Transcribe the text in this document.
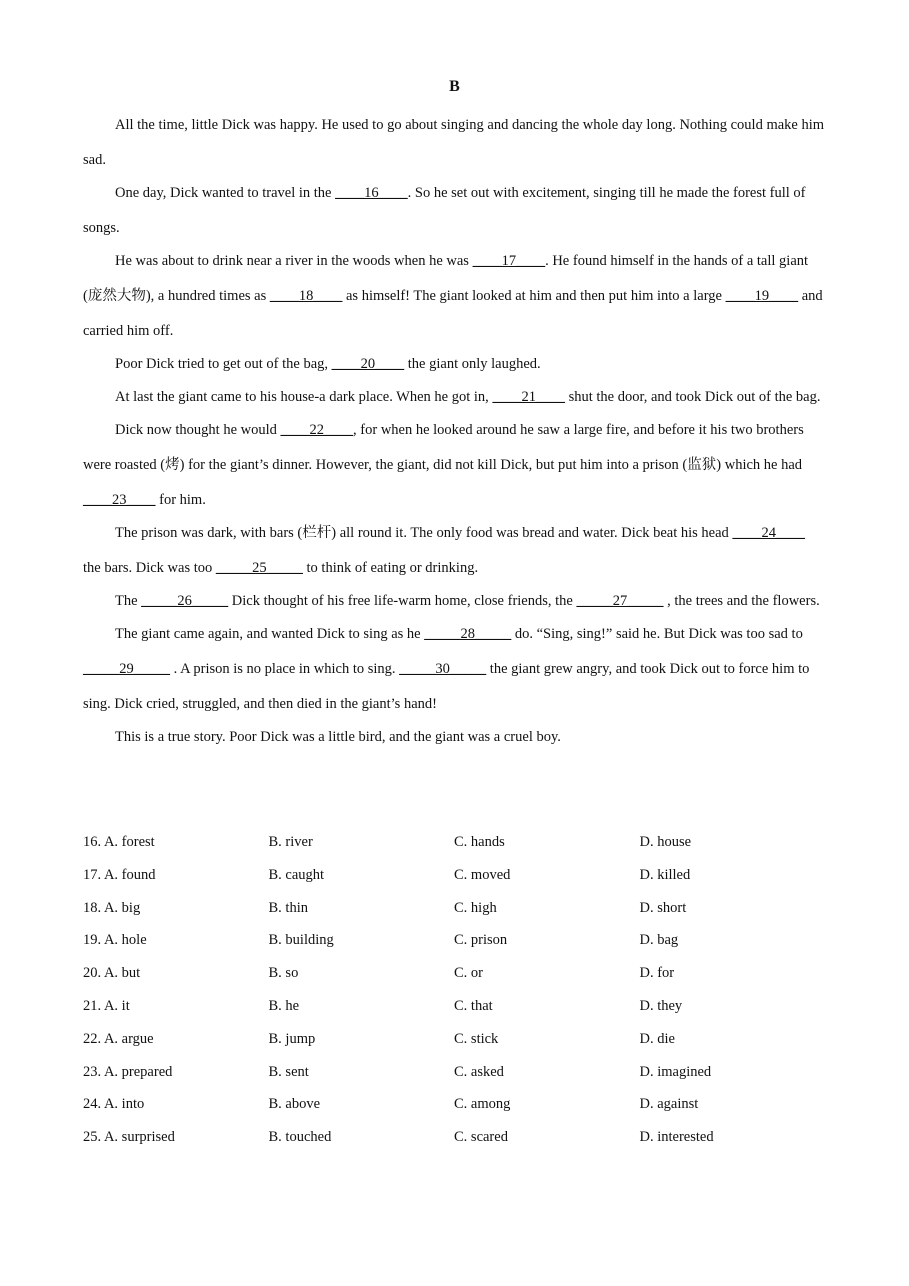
B

All the time, little Dick was happy. He used to go about singing and dancing the whole day long. Nothing could make him sad.

One day, Dick wanted to travel in the ____16____. So he set out with excitement, singing till he made the forest full of songs.

He was about to drink near a river in the woods when he was ____17____. He found himself in the hands of a tall giant (庞然大物), a hundred times as ____18____ as himself! The giant looked at him and then put him into a large ____19____ and carried him off.

Poor Dick tried to get out of the bag, ____20____ the giant only laughed.

At last the giant came to his house-a dark place. When he got in, ____21____ shut the door, and took Dick out of the bag.

Dick now thought he would ____22____, for when he looked around he saw a large fire, and before it his two brothers were roasted (烤) for the giant’s dinner. However, the giant, did not kill Dick, but put him into a prison (监狱) which he had ____23____ for him.

The prison was dark, with bars (栏杆) all round it. The only food was bread and water. Dick beat his head ____24____ the bars. Dick was too _____25_____ to think of eating or drinking.

The _____26_____ Dick thought of his free life-warm home, close friends, the _____27_____ , the trees and the flowers.

The giant came again, and wanted Dick to sing as he _____28_____ do. “Sing, sing!” said he. But Dick was too sad to _____29_____ . A prison is no place in which to sing. _____30_____ the giant grew angry, and took Dick out to force him to sing. Dick cried, struggled, and then died in the giant’s hand!

This is a true story. Poor Dick was a little bird, and the giant was a cruel boy.

16. A. forest	B. river	C. hands	D. house
17. A. found	B. caught	C. moved	D. killed
18. A. big	B. thin	C. high	D. short
19. A. hole	B. building	C. prison	D. bag
20. A. but	B. so	C. or	D. for
21. A. it	B. he	C. that	D. they
22. A. argue	B. jump	C. stick	D. die
23. A. prepared	B. sent	C. asked	D. imagined
24. A. into	B. above	C. among	D. against
25. A. surprised	B. touched	C. scared	D. interested
